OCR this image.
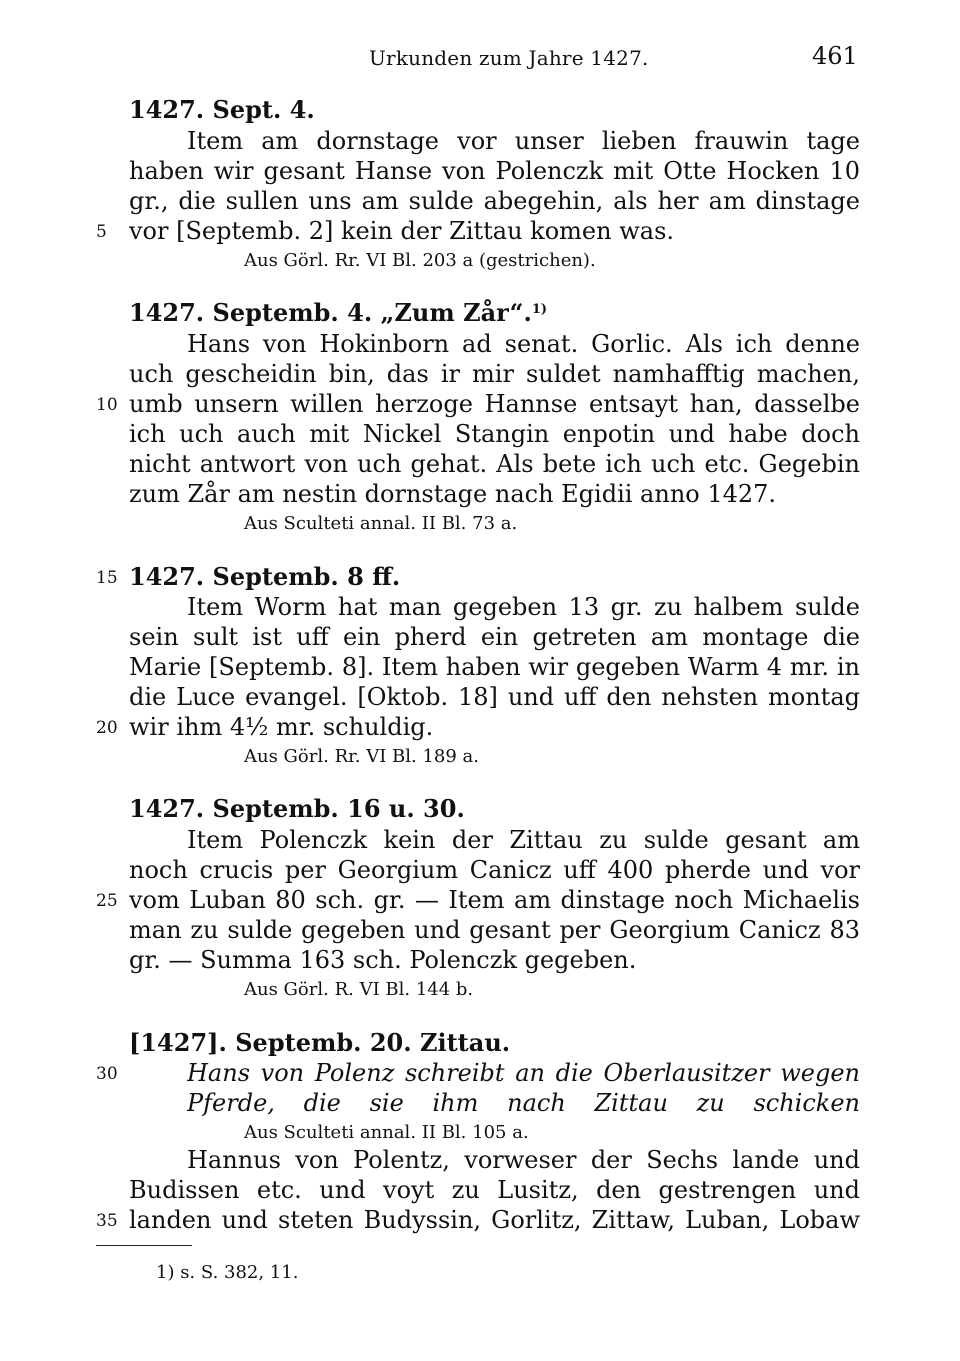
Urkunden zum Jahre 1427.	461
1427. Sept. 4.
Item am dornstage vor unser lieben frauwin tage
haben wir gesant Hanse von Polenczk mit Otte Hocken 10
gr., die sullen uns am sulde abegehin, als her am dinstage
vor [Septemb. 2] kein der Zittau komen was.
Aus Görl. Rr. VI Bl. 203 a (gestrichen).
1427. Septemb. 4. „Zum Zår“.$^{1)}$
Hans von Hokinborn ad senat. Gorlic. Als ich denne
uch gescheidin bin, das ir mir suldet namhafftig machen,
umb unsern willen herzoge Hannse entsayt han, dasselbe
ich uch auch mit Nickel Stangin enpotin und habe doch
nicht antwort von uch gehat. Als bete ich uch etc. Gegebin
zum Zår am nestin dornstage nach Egidii anno 1427.
Aus Sculteti annal. II Bl. 73 a.
1427. Septemb. 8 ff.
Item Worm hat man gegeben 13 gr. zu halbem sulde
sein sult ist uff ein pherd ein getreten am montage die
Marie [Septemb. 8]. Item haben wir gegeben Warm 4 mr. in
die Luce evangel. [Oktob. 18] und uff den nehsten montag
wir ihm 4½ mr. schuldig.
Aus Görl. Rr. VI Bl. 189 a.
1427. Septemb. 16 u. 30.
Item Polenczk kein der Zittau zu sulde gesant am
noch crucis per Georgium Canicz uff 400 pherde und vor
vom Luban 80 sch. gr. — Item am dinstage noch Michaelis
man zu sulde gegeben und gesant per Georgium Canicz 83
gr. — Summa 163 sch. Polenczk gegeben.
Aus Görl. R. VI Bl. 144 b.
[1427]. Septemb. 20. Zittau.
Hans von Polenz schreibt an die Oberlausitzer wegen
Pferde, die sie ihm nach Zittau zu schicken
Aus Sculteti annal. II Bl. 105 a.
Hannus von Polentz, vorweser der Sechs lande und
Budissen etc. und voyt zu Lusitz, den gestrengen und
landen und steten Budyssin, Gorlitz, Zittaw, Luban, Lobaw
5
10
15
20
25
30
35
1) s. S. 382, 11.
